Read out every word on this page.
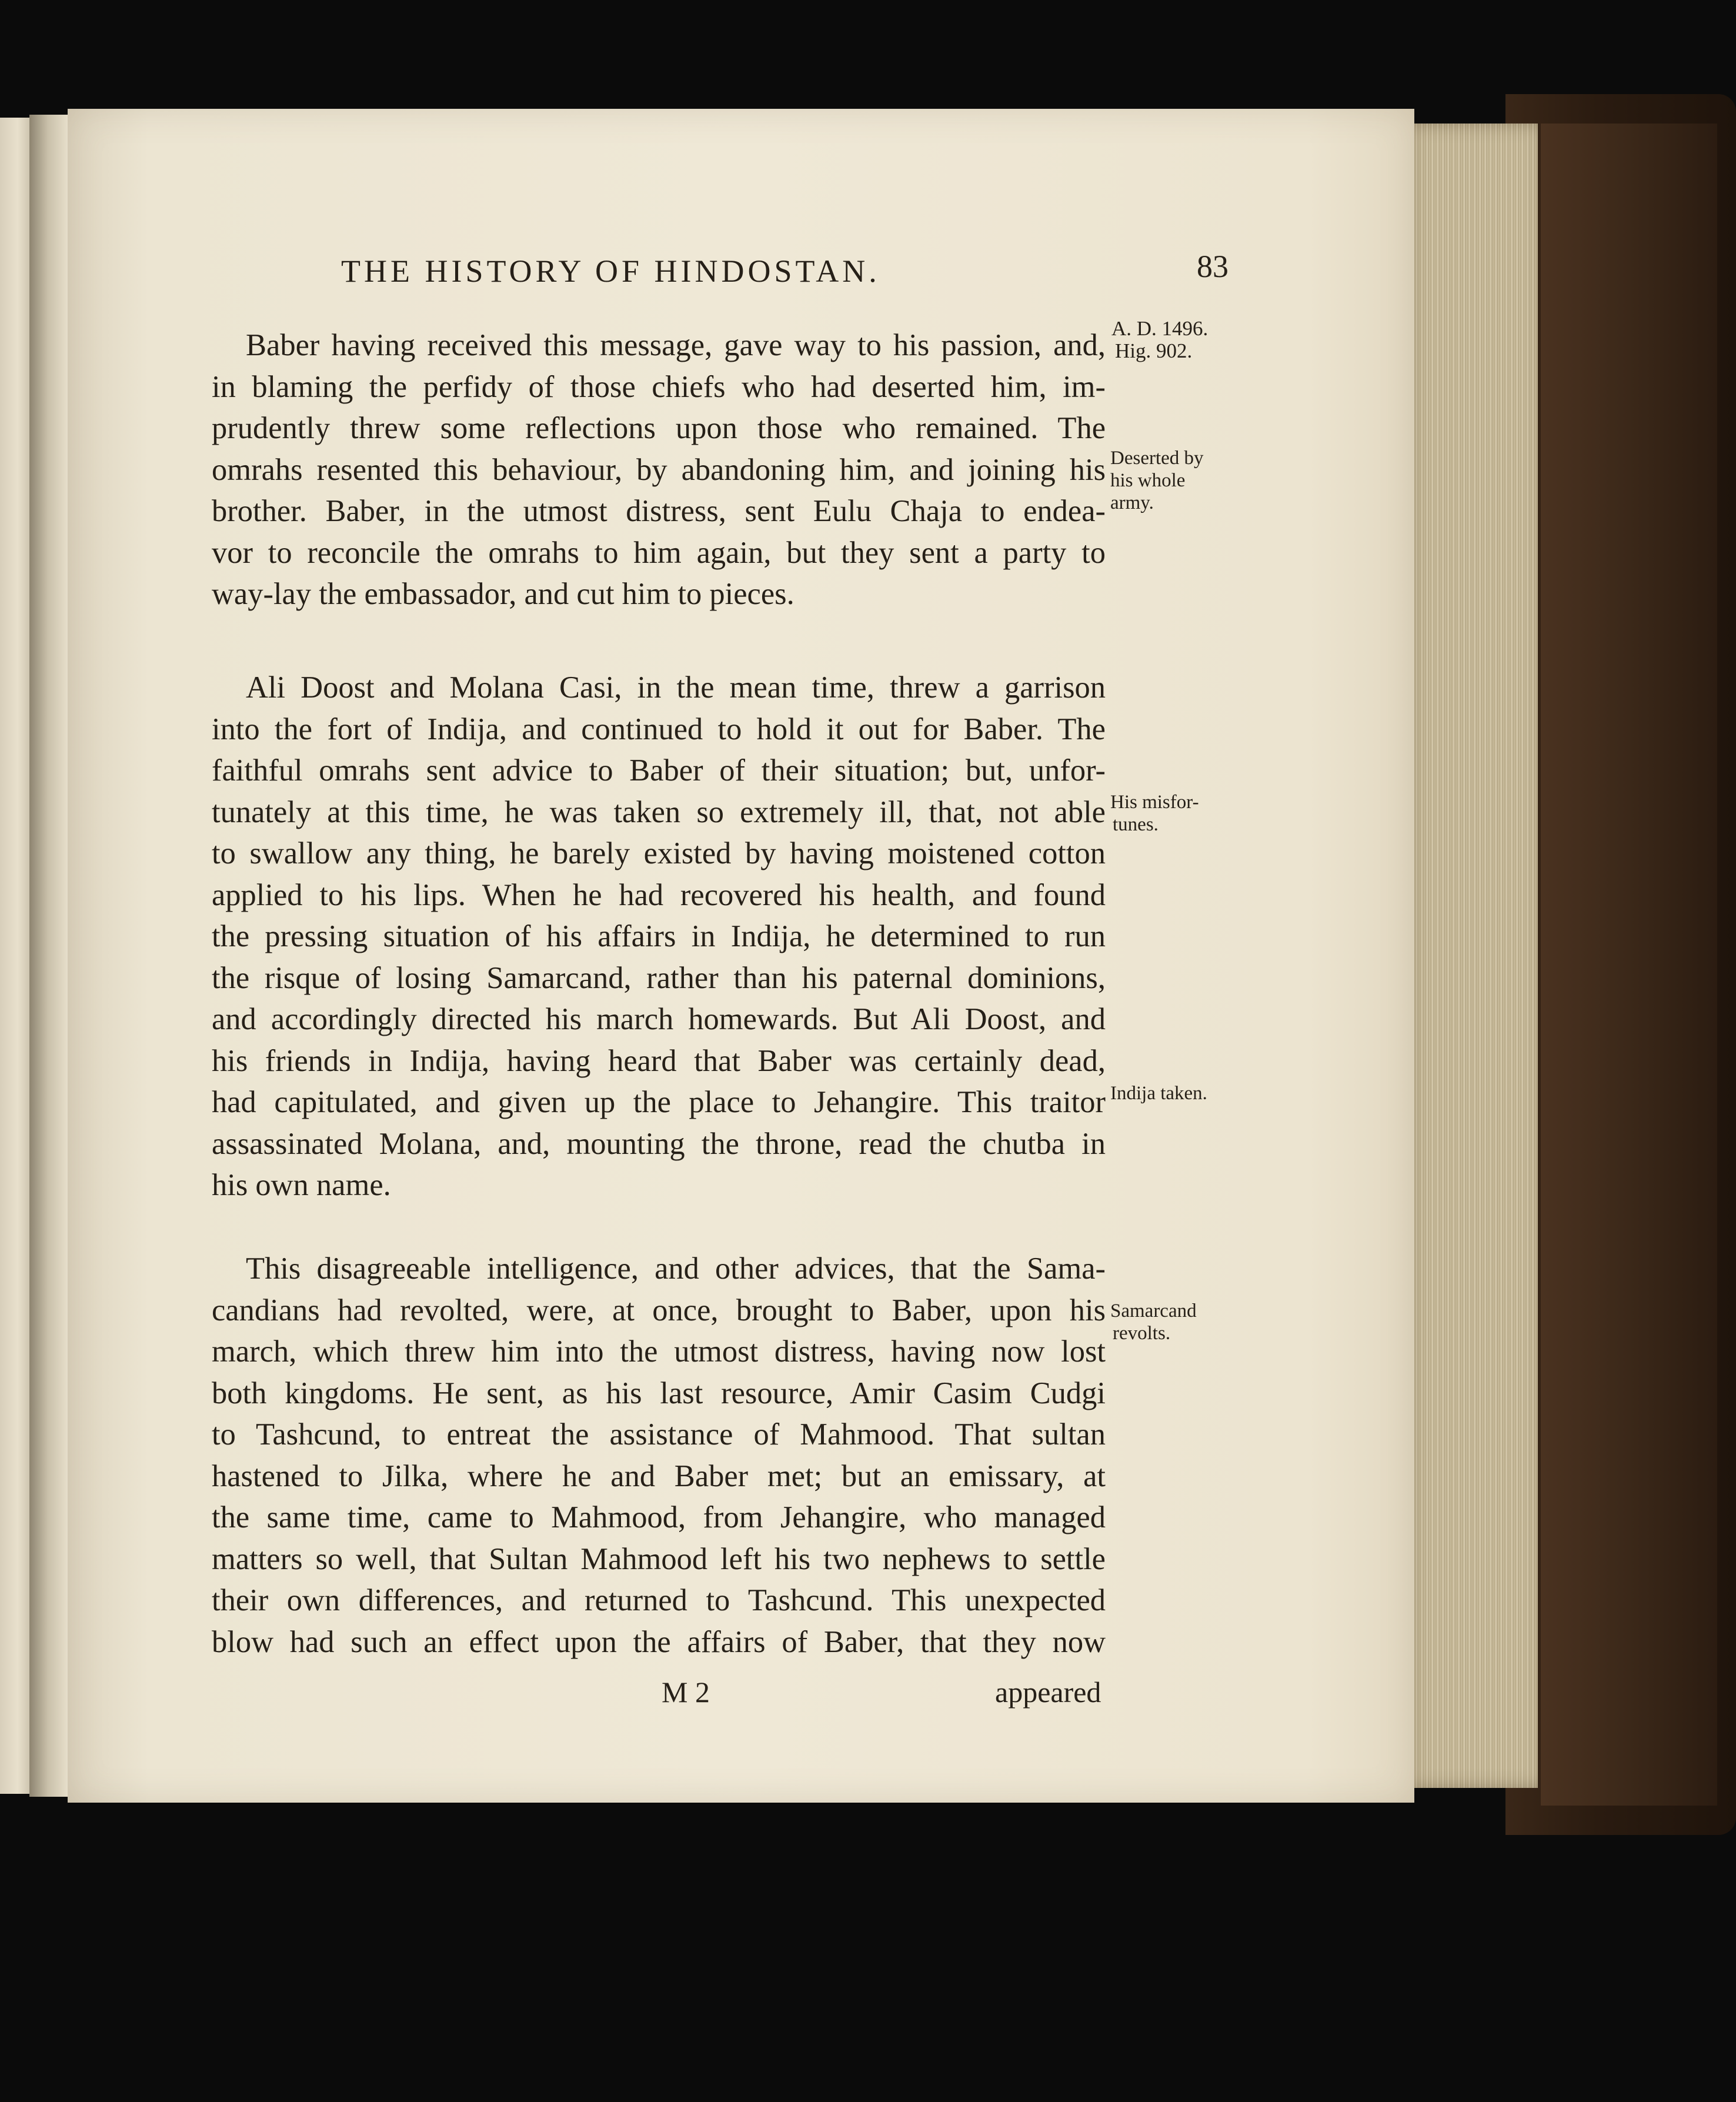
THE HISTORY OF HINDOSTAN.	83
A. D. 1496.
Hig. 902.
Deserted by
his whole
army.
His misfor-
tunes.
Indija taken.
Samarcand
revolts.
Baber having received this message, gave way to his passion, and,
in blaming the perfidy of those chiefs who had deserted him, im-
prudently threw some reflections upon those who remained. The
omrahs resented this behaviour, by abandoning him, and joining his
brother. Baber, in the utmost distress, sent Eulu Chaja to endea-
vor to reconcile the omrahs to him again, but they sent a party to
way-lay the embassador, and cut him to pieces.
Ali Doost and Molana Casi, in the mean time, threw a garrison
into the fort of Indija, and continued to hold it out for Baber. The
faithful omrahs sent advice to Baber of their situation; but, unfor-
tunately at this time, he was taken so extremely ill, that, not able
to swallow any thing, he barely existed by having moistened cotton
applied to his lips. When he had recovered his health, and found
the pressing situation of his affairs in Indija, he determined to run
the risque of losing Samarcand, rather than his paternal dominions,
and accordingly directed his march homewards. But Ali Doost, and
his friends in Indija, having heard that Baber was certainly dead,
had capitulated, and given up the place to Jehangire. This traitor
assassinated Molana, and, mounting the throne, read the chutba in
his own name.
This disagreeable intelligence, and other advices, that the Sama-
candians had revolted, were, at once, brought to Baber, upon his
march, which threw him into the utmost distress, having now lost
both kingdoms. He sent, as his last resource, Amir Casim Cudgi
to Tashcund, to entreat the assistance of Mahmood. That sultan
hastened to Jilka, where he and Baber met; but an emissary, at
the same time, came to Mahmood, from Jehangire, who managed
matters so well, that Sultan Mahmood left his two nephews to settle
their own differences, and returned to Tashcund. This unexpected
blow had such an effect upon the affairs of Baber, that they now
M 2	appeared
